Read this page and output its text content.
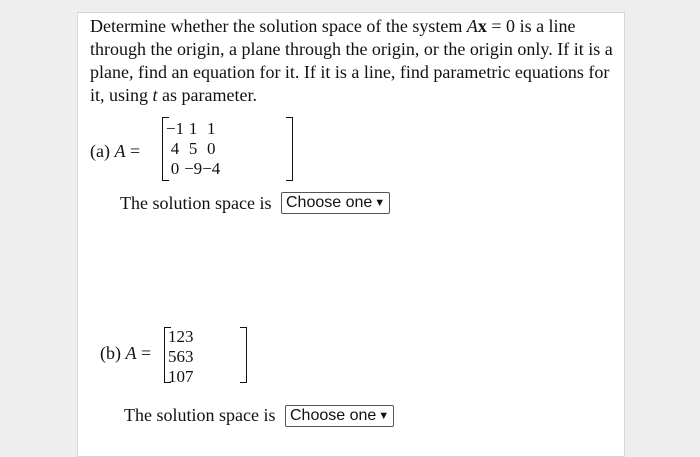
Determine whether the solution space of the system Ax = 0 is a line through the origin, a plane through the origin, or the origin only. If it is a plane, find an equation for it. If it is a line, find parametric equations for it, using t as parameter.

(a) A =
−1	1	1
4	5	0
0	−9	−4

The solution space is Choose one ▼
(b) A =
1	2	3
5	6	3
1	0	7

The solution space is Choose one ▼
